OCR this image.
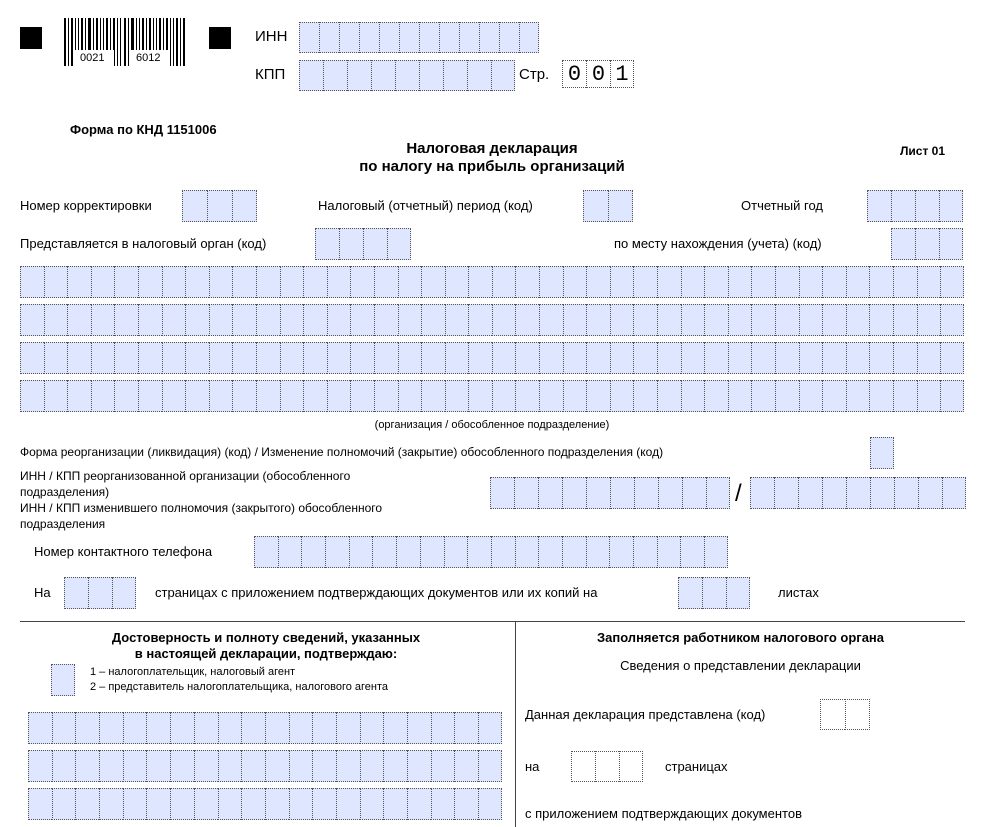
0021	6012
ИНН
КПП	Стр. 0 0 1
Форма по КНД 1151006
Налоговая декларация
по налогу на прибыль организаций
Лист 01
Номер корректировки	Налоговый (отчетный) период (код)	Отчетный год
Представляется в налоговый орган (код)	по месту нахождения (учета) (код)
(организация / обособленное подразделение)
Форма реорганизации (ликвидация) (код) / Изменение полномочий (закрытие) обособленного подразделения (код)
ИНН / КПП реорганизованной организации (обособленного
подразделения)
ИНН / КПП изменившего полномочия (закрытого) обособленного
подразделения
/
Номер контактного телефона
На	страницах с приложением подтверждающих документов или их копий на	листах
Достоверность и полноту сведений, указанных
в настоящей декларации, подтверждаю:
1 – налогоплательщик, налоговый агент
2 – представитель налогоплательщика, налогового агента
Заполняется работником налогового органа
Сведения о представлении декларации
Данная декларация представлена (код)
на	страницах
с приложением подтверждающих документов
